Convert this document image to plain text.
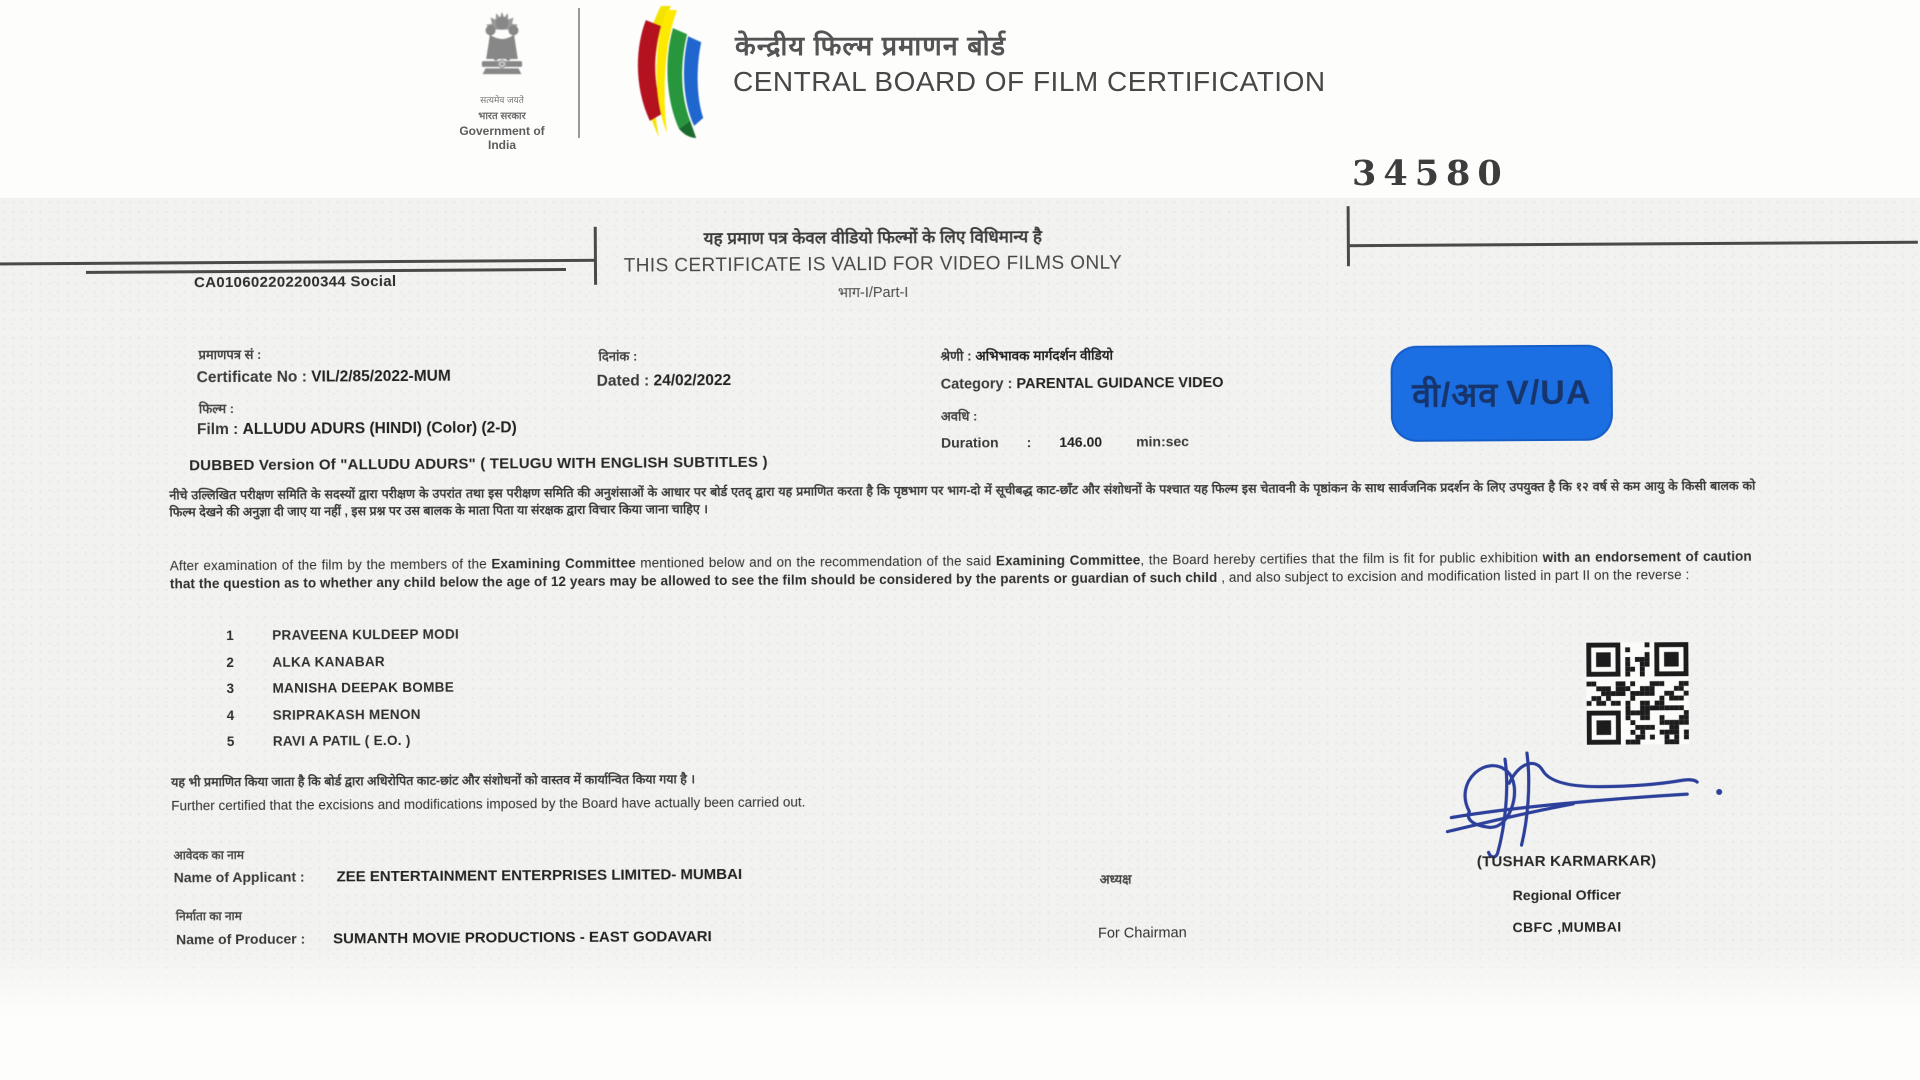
सत्यमेव जयते
भारत सरकार
Government of India
केन्द्रीय फिल्म प्रमाणन बोर्ड
CENTRAL BOARD OF FILM CERTIFICATION
34580
CA010602202200344 Social
यह प्रमाण पत्र केवल वीडियो फिल्मों के लिए विधिमान्य है
THIS CERTIFICATE IS VALID FOR VIDEO FILMS ONLY
भाग-I/Part-I
प्रमाणपत्र सं :
Certificate No : VIL/2/85/2022-MUM
दिनांक :
Dated : 24/02/2022
फिल्म :
Film : ALLUDU ADURS (HINDI) (Color) (2-D)
श्रेणी : अभिभावक मार्गदर्शन वीडियो
Category : PARENTAL GUIDANCE VIDEO
अवधि :
Duration : 146.00 min:sec
वी/अव V/UA
DUBBED Version Of "ALLUDU ADURS" ( TELUGU WITH ENGLISH SUBTITLES )
नीचे उल्लिखित परीक्षण समिति के सदस्यों द्वारा परीक्षण के उपरांत तथा इस परीक्षण समिति की अनुशंसाओं के आधार पर बोर्ड एतद् द्वारा यह प्रमाणित करता है कि पृष्ठभाग पर भाग-दो में सूचीबद्ध काट-छाँट और संशोधनों के पश्चात यह फिल्म इस चेतावनी के पृष्ठांकन के साथ सार्वजनिक प्रदर्शन के लिए उपयुक्त है कि १२ वर्ष से कम आयु के किसी बालक को फिल्म देखने की अनुज्ञा दी जाए या नहीं , इस प्रश्न पर उस बालक के माता पिता या संरक्षक द्वारा विचार किया जाना चाहिए ।
After examination of the film by the members of the Examining Committee mentioned below and on the recommendation of the said Examining Committee, the Board hereby certifies that the film is fit for public exhibition with an endorsement of caution that the question as to whether any child below the age of 12 years may be allowed to see the film should be considered by the parents or guardian of such child , and also subject to excision and modification listed in part II on the reverse :
1	PRAVEENA KULDEEP MODI
2	ALKA KANABAR
3	MANISHA DEEPAK BOMBE
4	SRIPRAKASH MENON
5	RAVI A PATIL ( E.O. )
यह भी प्रमाणित किया जाता है कि बोर्ड द्वारा अधिरोपित काट-छांट और संशोधनों को वास्तव में कार्यान्वित किया गया है ।
Further certified that the excisions and modifications imposed by the Board have actually been carried out.
आवेदक का नाम
Name of Applicant : ZEE ENTERTAINMENT ENTERPRISES LIMITED- MUMBAI
निर्माता का नाम
Name of Producer : SUMANTH MOVIE PRODUCTIONS - EAST GODAVARI
अध्यक्ष
For Chairman
(TUSHAR KARMARKAR)
Regional Officer
CBFC ,MUMBAI
